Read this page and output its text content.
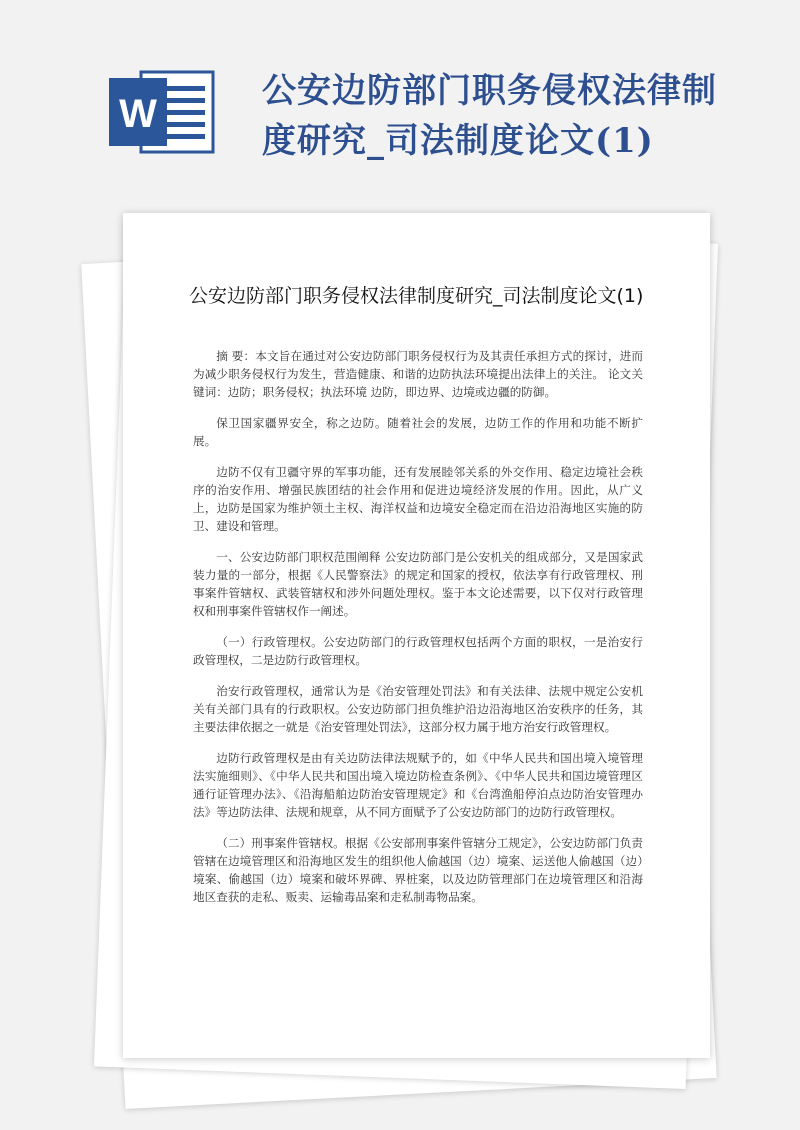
W
公安边防部门职务侵权法律制度研究_司法制度论文(1)
公安边防部门职务侵权法律制度研究_司法制度论文(1)

摘 要：本文旨在通过对公安边防部门职务侵权行为及其责任承担方式的探讨，进而为减少职务侵权行为发生，营造健康、和谐的边防执法环境提出法律上的关注。 论文关键词：边防；职务侵权；执法环境 边防，即边界、边境或边疆的防御。

保卫国家疆界安全，称之边防。随着社会的发展，边防工作的作用和功能不断扩展。

边防不仅有卫疆守界的军事功能，还有发展睦邻关系的外交作用、稳定边境社会秩序的治安作用、增强民族团结的社会作用和促进边境经济发展的作用。因此，从广义上，边防是国家为维护领土主权、海洋权益和边境安全稳定而在沿边沿海地区实施的防卫、建设和管理。

一、公安边防部门职权范围阐释 公安边防部门是公安机关的组成部分，又是国家武装力量的一部分，根据《人民警察法》的规定和国家的授权，依法享有行政管理权、刑事案件管辖权、武装管辖权和涉外问题处理权。鉴于本文论述需要，以下仅对行政管理权和刑事案件管辖权作一阐述。

（一）行政管理权。公安边防部门的行政管理权包括两个方面的职权，一是治安行政管理权，二是边防行政管理权。

治安行政管理权，通常认为是《治安管理处罚法》和有关法律、法规中规定公安机关有关部门具有的行政职权。公安边防部门担负维护沿边沿海地区治安秩序的任务，其主要法律依据之一就是《治安管理处罚法》，这部分权力属于地方治安行政管理权。

边防行政管理权是由有关边防法律法规赋予的，如《中华人民共和国出境入境管理法实施细则》、《中华人民共和国出境入境边防检查条例》、《中华人民共和国边境管理区通行证管理办法》、《沿海船舶边防治安管理规定》和《台湾渔船停泊点边防治安管理办法》等边防法律、法规和规章，从不同方面赋予了公安边防部门的边防行政管理权。

（二）刑事案件管辖权。根据《公安部刑事案件管辖分工规定》，公安边防部门负责管辖在边境管理区和沿海地区发生的组织他人偷越国（边）境案、运送他人偷越国（边）境案、偷越国（边）境案和破坏界碑、界桩案，以及边防管理部门在边境管理区和沿海地区查获的走私、贩卖、运输毒品案和走私制毒物品案。
